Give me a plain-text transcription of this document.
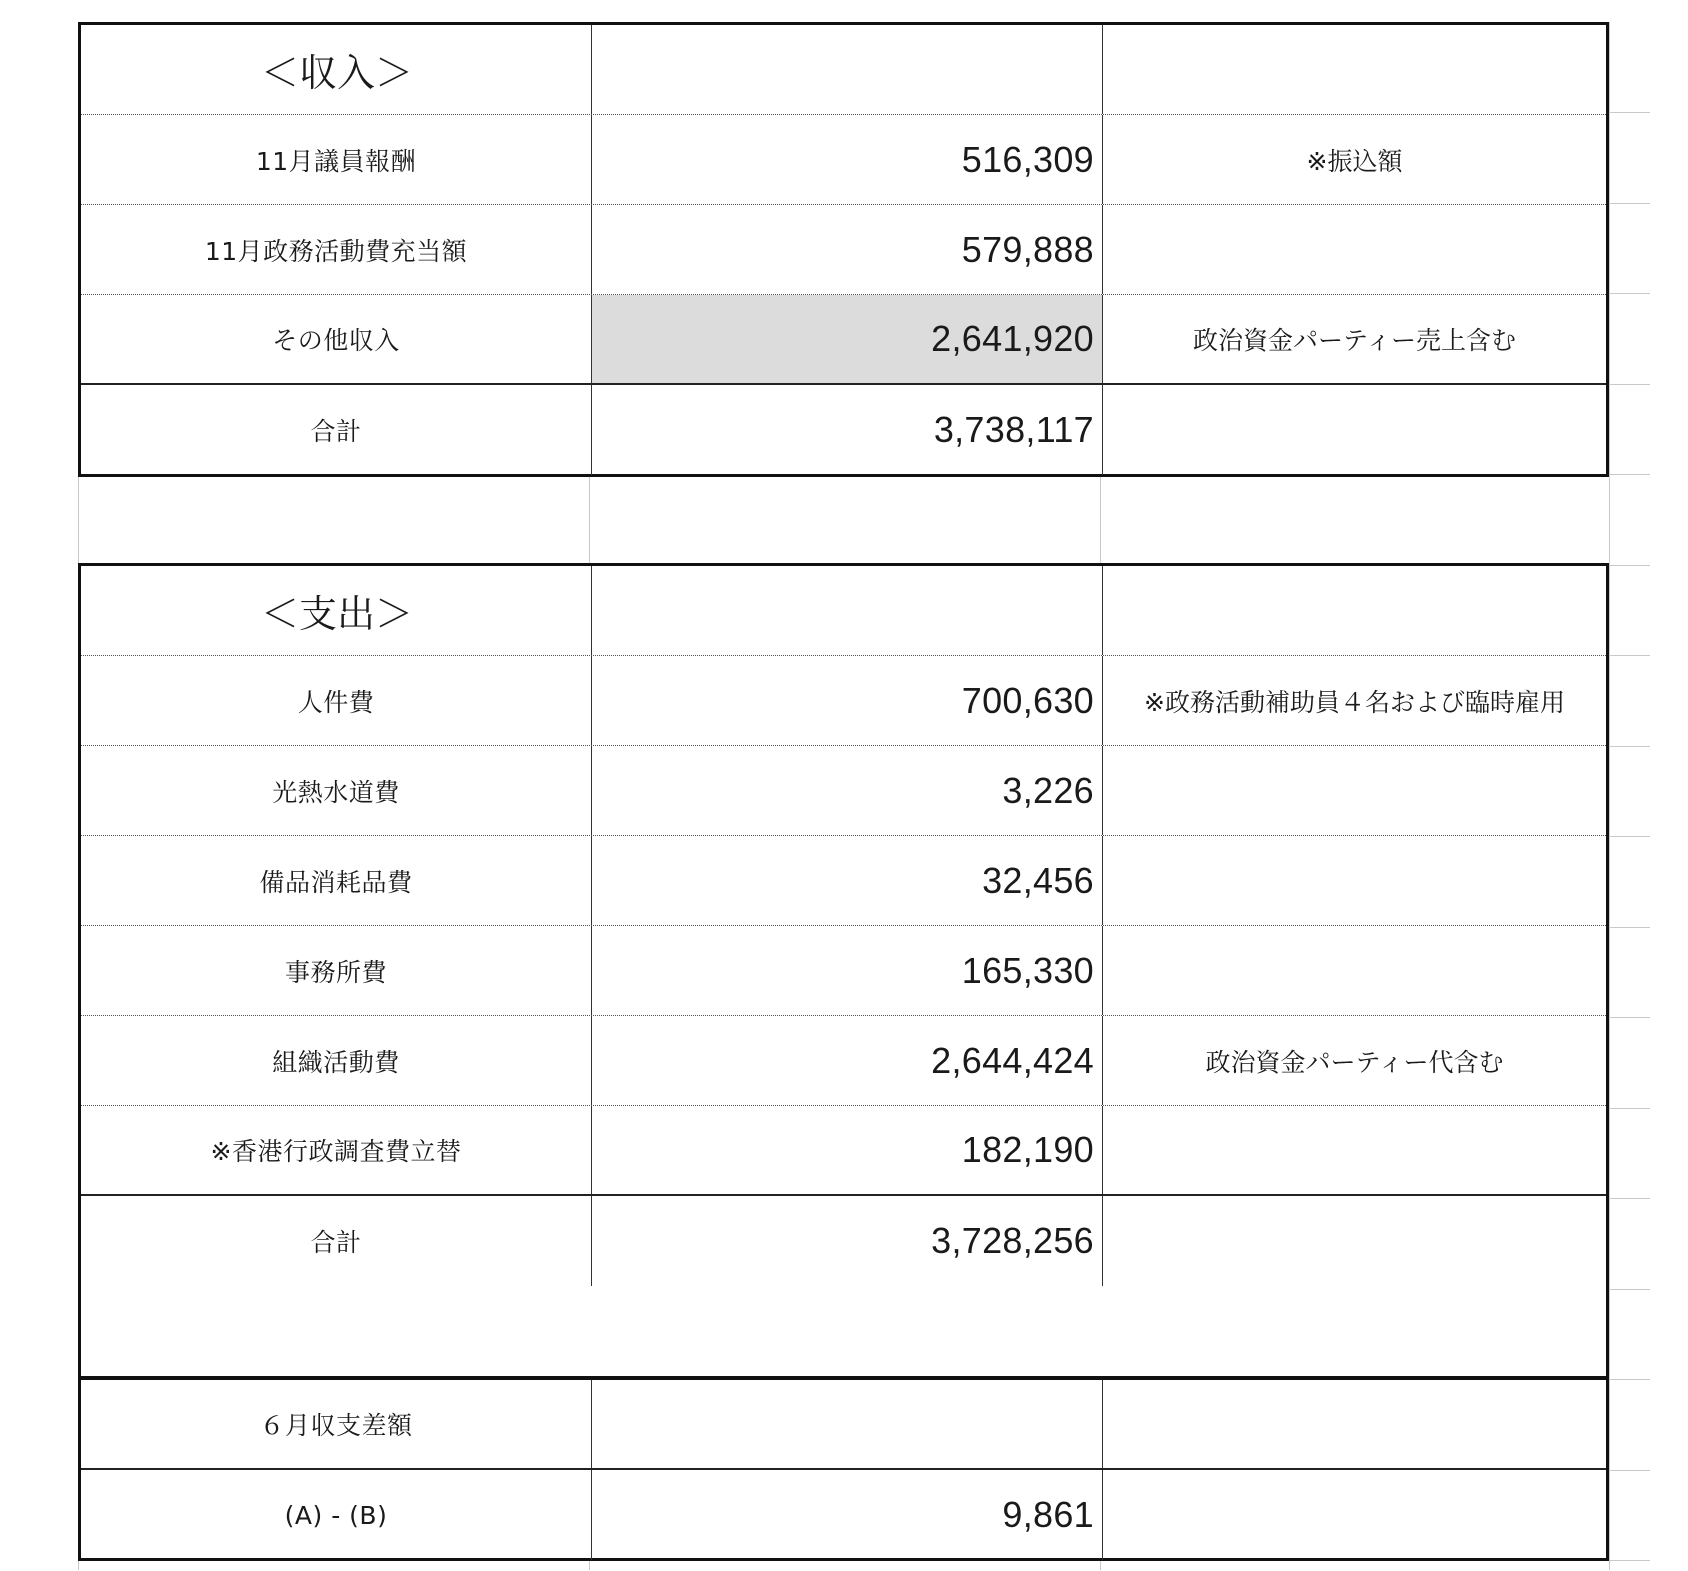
＜収入＞
11月議員報酬	516,309	※振込額
11月政務活動費充当額	579,888
その他収入	2,641,920	政治資金パーティー売上含む
合計	3,738,117
＜支出＞
人件費	700,630	※政務活動補助員４名および臨時雇用
光熱水道費	3,226
備品消耗品費	32,456
事務所費	165,330
組織活動費	2,644,424	政治資金パーティー代含む
※香港行政調査費立替	182,190
合計	3,728,256
６月収支差額
(A) - (B)	9,861
